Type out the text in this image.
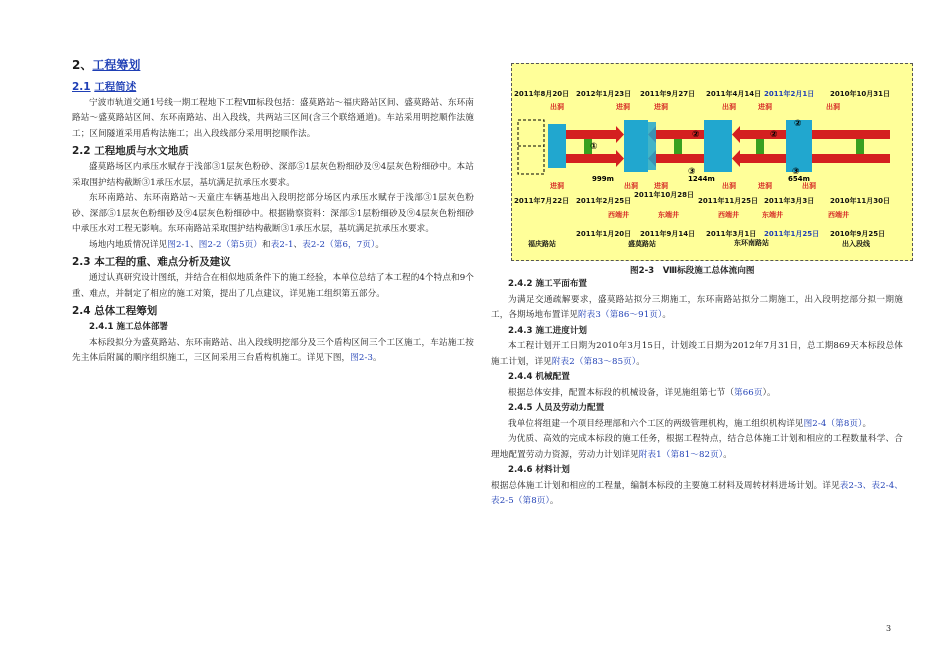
2、工程筹划
2.1 工程简述

宁波市轨道交通1号线一期工程地下工程Ⅷ标段包括：盛莫路站～福庆路站区间、盛莫路站、东环南路站～盛莫路站区间、东环南路站、出入段线，共两站三区间(含三个联络通道)。车站采用明挖顺作法施工；区间隧道采用盾构法施工；出入段线部分采用明挖顺作法。

2.2 工程地质与水文地质

盛莫路场区内承压水赋存于浅部③1层灰色粉砂、深部⑤1层灰色粉细砂及⑨4层灰色粉细砂中。本站采取围护结构截断③1承压水层，基坑满足抗承压水要求。

东环南路站、东环南路站～天童庄车辆基地出入段明挖部分场区内承压水赋存于浅部③1层灰色粉砂、深部⑤1层灰色粉细砂及⑨4层灰色粉细砂中。根据勘察资料：深部⑤1层粉细砂及⑨4层灰色粉细砂中承压水对工程无影响。东环南路站采取围护结构截断③1承压水层，基坑满足抗承压水要求。

场地内地质情况详见图2-1、图2-2（第5页）和表2-1、表2-2（第6，7页）。

2.3 本工程的重、难点分析及建议

通过认真研究设计图纸，并结合在相似地质条件下的施工经验，本单位总结了本工程的4个特点和9个重、难点，并制定了相应的施工对策，提出了几点建议，详见施工组织第五部分。

2.4 总体工程筹划
2.4.1 施工总体部署

本标段拟分为盛莫路站、东环南路站、出入段线明挖部分及三个盾构区间三个工区施工，车站施工按先主体后附属的顺序组织施工，三区间采用三台盾构机施工。详见下图，图2-3。

2011年8月20日 2012年1月23日 2011年9月27日 2011年4月14日 2011年2月1日 2010年10月31日
出洞	进洞	进洞	出洞	进洞	出洞
①
②	②
②
③	③
999m	1244m	654m
进洞	出洞 进洞	出洞	进洞	出洞
2011年10月28日
2011年7月22日 2011年2月25日	2011年11月25日 2011年3月3日 2010年11月30日
西端井	东端井	西端井	东端井	西端井
2011年1月20日 2011年9月14日 2011年3月1日 2011年1月25日 2010年9月25日
福庆路站	盛莫路站	东环南路站	出入段线
图2-3　Ⅷ标段施工总体流向图
2.4.2 施工平面布置

为满足交通疏解要求，盛莫路站拟分三期施工，东环南路站拟分二期施工，出入段明挖部分拟一期施工，各期场地布置详见附表3（第86～91页）。

2.4.3 施工进度计划

本工程计划开工日期为2010年3月15日，计划竣工日期为2012年7月31日，总工期869天本标段总体施工计划，详见附表2（第83～85页）。

2.4.4 机械配置

根据总体安排，配置本标段的机械设备，详见施组第七节（第66页）。

2.4.5 人员及劳动力配置

我单位将组建一个项目经理部和六个工区的两级管理机构，施工组织机构详见图2-4（第8页）。

为优质、高效的完成本标段的施工任务，根据工程特点，结合总体施工计划和相应的工程数量科学、合理地配置劳动力资源，劳动力计划详见附表1（第81～82页）。

2.4.6 材料计划

根据总体施工计划和相应的工程量，编制本标段的主要施工材料及周转材料进场计划。详见表2-3、表2-4、表2-5（第8页）。

3
